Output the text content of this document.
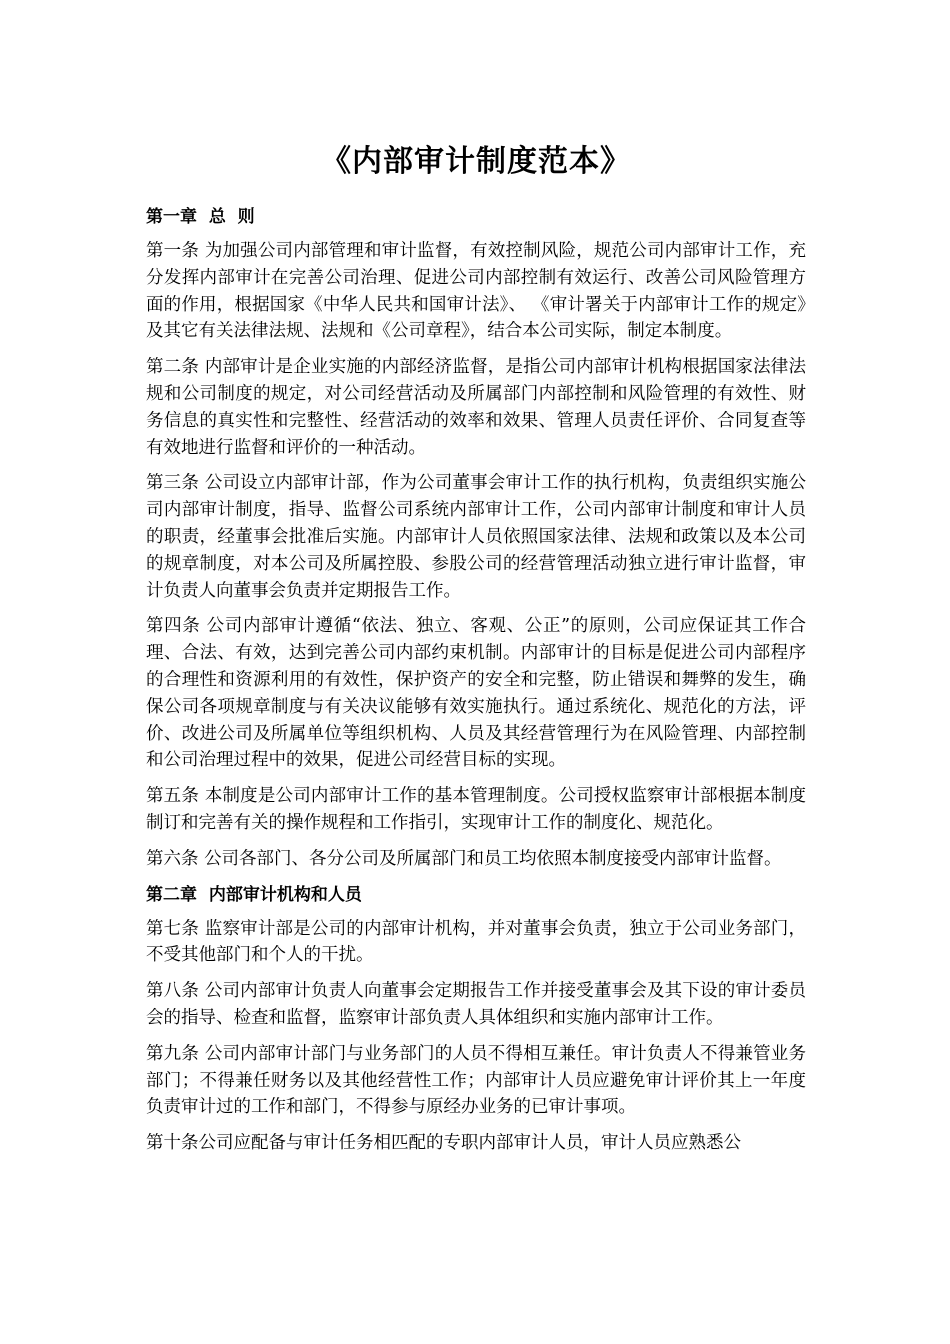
《内部审计制度范本》
第一章  总  则

第一条 为加强公司内部管理和审计监督，有效控制风险，规范公司内部审计工作，充分发挥内部审计在完善公司治理、促进公司内部控制有效运行、改善公司风险管理方面的作用，根据国家《中华人民共和国审计法》、 《审计署关于内部审计工作的规定》及其它有关法律法规、法规和《公司章程》，结合本公司实际，制定本制度。

第二条 内部审计是企业实施的内部经济监督，是指公司内部审计机构根据国家法律法规和公司制度的规定，对公司经营活动及所属部门内部控制和风险管理的有效性、财务信息的真实性和完整性、经营活动的效率和效果、管理人员责任评价、合同复查等有效地进行监督和评价的一种活动。

第三条 公司设立内部审计部，作为公司董事会审计工作的执行机构，负责组织实施公司内部审计制度，指导、监督公司系统内部审计工作，公司内部审计制度和审计人员的职责，经董事会批准后实施。内部审计人员依照国家法律、法规和政策以及本公司的规章制度，对本公司及所属控股、参股公司的经营管理活动独立进行审计监督，审计负责人向董事会负责并定期报告工作。

第四条 公司内部审计遵循“依法、独立、客观、公正”的原则，公司应保证其工作合理、合法、有效，达到完善公司内部约束机制。内部审计的目标是促进公司内部程序的合理性和资源利用的有效性，保护资产的安全和完整，防止错误和舞弊的发生，确保公司各项规章制度与有关决议能够有效实施执行。通过系统化、规范化的方法，评价、改进公司及所属单位等组织机构、人员及其经营管理行为在风险管理、内部控制和公司治理过程中的效果，促进公司经营目标的实现。

第五条 本制度是公司内部审计工作的基本管理制度。公司授权监察审计部根据本制度制订和完善有关的操作规程和工作指引，实现审计工作的制度化、规范化。

第六条 公司各部门、各分公司及所属部门和员工均依照本制度接受内部审计监督。

第二章  内部审计机构和人员

第七条 监察审计部是公司的内部审计机构，并对董事会负责，独立于公司业务部门，不受其他部门和个人的干扰。

第八条 公司内部审计负责人向董事会定期报告工作并接受董事会及其下设的审计委员会的指导、检查和监督，监察审计部负责人具体组织和实施内部审计工作。

第九条 公司内部审计部门与业务部门的人员不得相互兼任。审计负责人不得兼管业务部门；不得兼任财务以及其他经营性工作；内部审计人员应避免审计评价其上一年度负责审计过的工作和部门，不得参与原经办业务的已审计事项。

第十条公司应配备与审计任务相匹配的专职内部审计人员，审计人员应熟悉公
